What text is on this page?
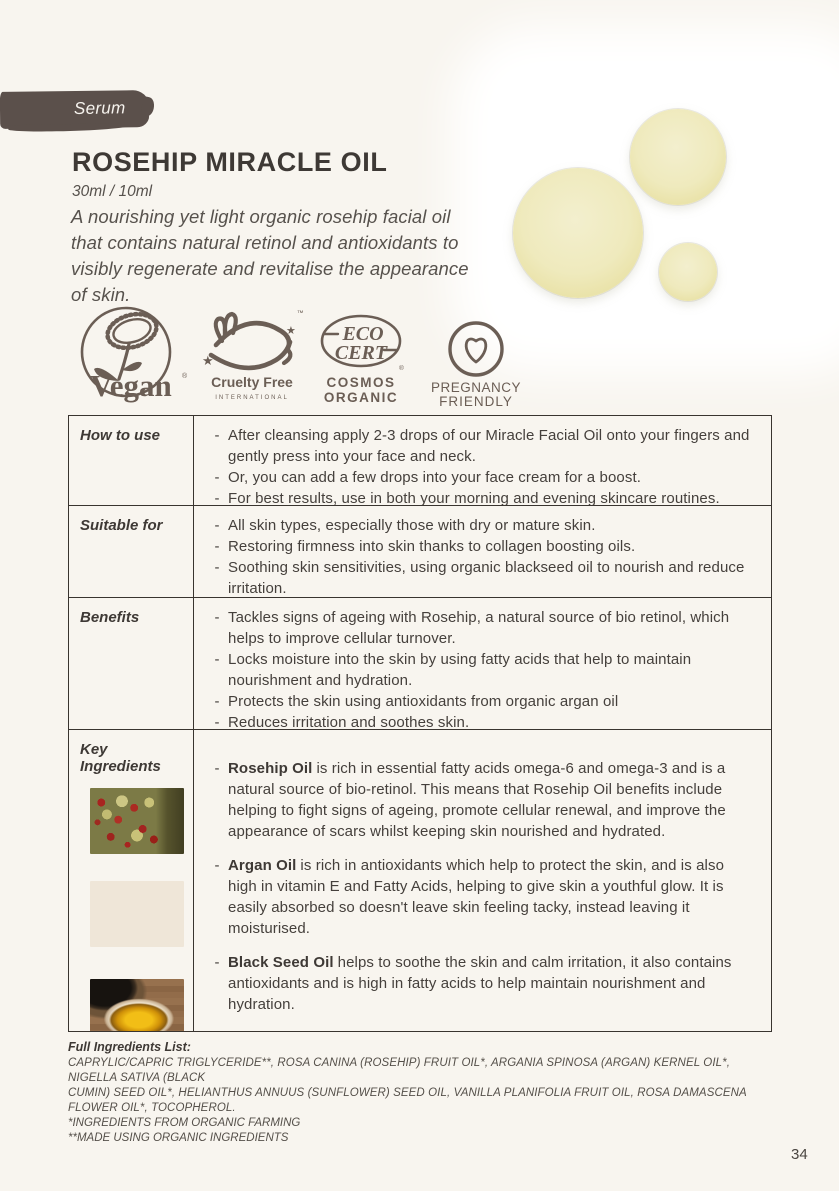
Serum
ROSEHIP MIRACLE OIL
30ml / 10ml
A nourishing yet light organic rosehip facial oil that contains natural retinol and antioxidants to visibly regenerate and revitalise the appearance of skin.
Vegan ®
™
★
★
Cruelty Free
INTERNATIONAL
ECO
CERT
®
COSMOS
ORGANIC
PREGNANCY
FRIENDLY
How to use	- After cleansing apply 2-3 drops of our Miracle Facial Oil onto your fingers and gently press into your face and neck.
- Or, you can add a few drops into your face cream for a boost.
- For best results, use in both your morning and evening skincare routines.
Suitable for	- All skin types, especially those with dry or mature skin.
- Restoring firmness into skin thanks to collagen boosting oils.
- Soothing skin sensitivities, using organic blackseed oil to nourish and reduce irritation.
Benefits	- Tackles signs of ageing with Rosehip, a natural source of bio retinol, which helps to improve cellular turnover.
- Locks moisture into the skin by using fatty acids that help to maintain nourishment and hydration.
- Protects the skin using antioxidants from organic argan oil
- Reduces irritation and soothes skin.
Key Ingredients	- Rosehip Oil is rich in essential fatty acids omega-6 and omega-3 and is a natural source of bio-retinol. This means that Rosehip Oil benefits include helping to fight signs of ageing, promote cellular renewal, and improve the appearance of scars whilst keeping skin nourished and hydrated.
- Argan Oil is rich in antioxidants which help to protect the skin, and is also high in vitamin E and Fatty Acids, helping to give skin a youthful glow. It is easily absorbed so doesn't leave skin feeling tacky, instead leaving it moisturised.
- Black Seed Oil helps to soothe the skin and calm irritation, it also contains antioxidants and is high in fatty acids to help maintain nourishment and hydration.
Full Ingredients List:
CAPRYLIC/CAPRIC TRIGLYCERIDE**, ROSA CANINA (ROSEHIP) FRUIT OIL*, ARGANIA SPINOSA (ARGAN) KERNEL OIL*, NIGELLA SATIVA (BLACK
CUMIN) SEED OIL*, HELIANTHUS ANNUUS (SUNFLOWER) SEED OIL, VANILLA PLANIFOLIA FRUIT OIL, ROSA DAMASCENA FLOWER OIL*, TOCOPHEROL.
*INGREDIENTS FROM ORGANIC FARMING
**MADE USING ORGANIC INGREDIENTS
34
